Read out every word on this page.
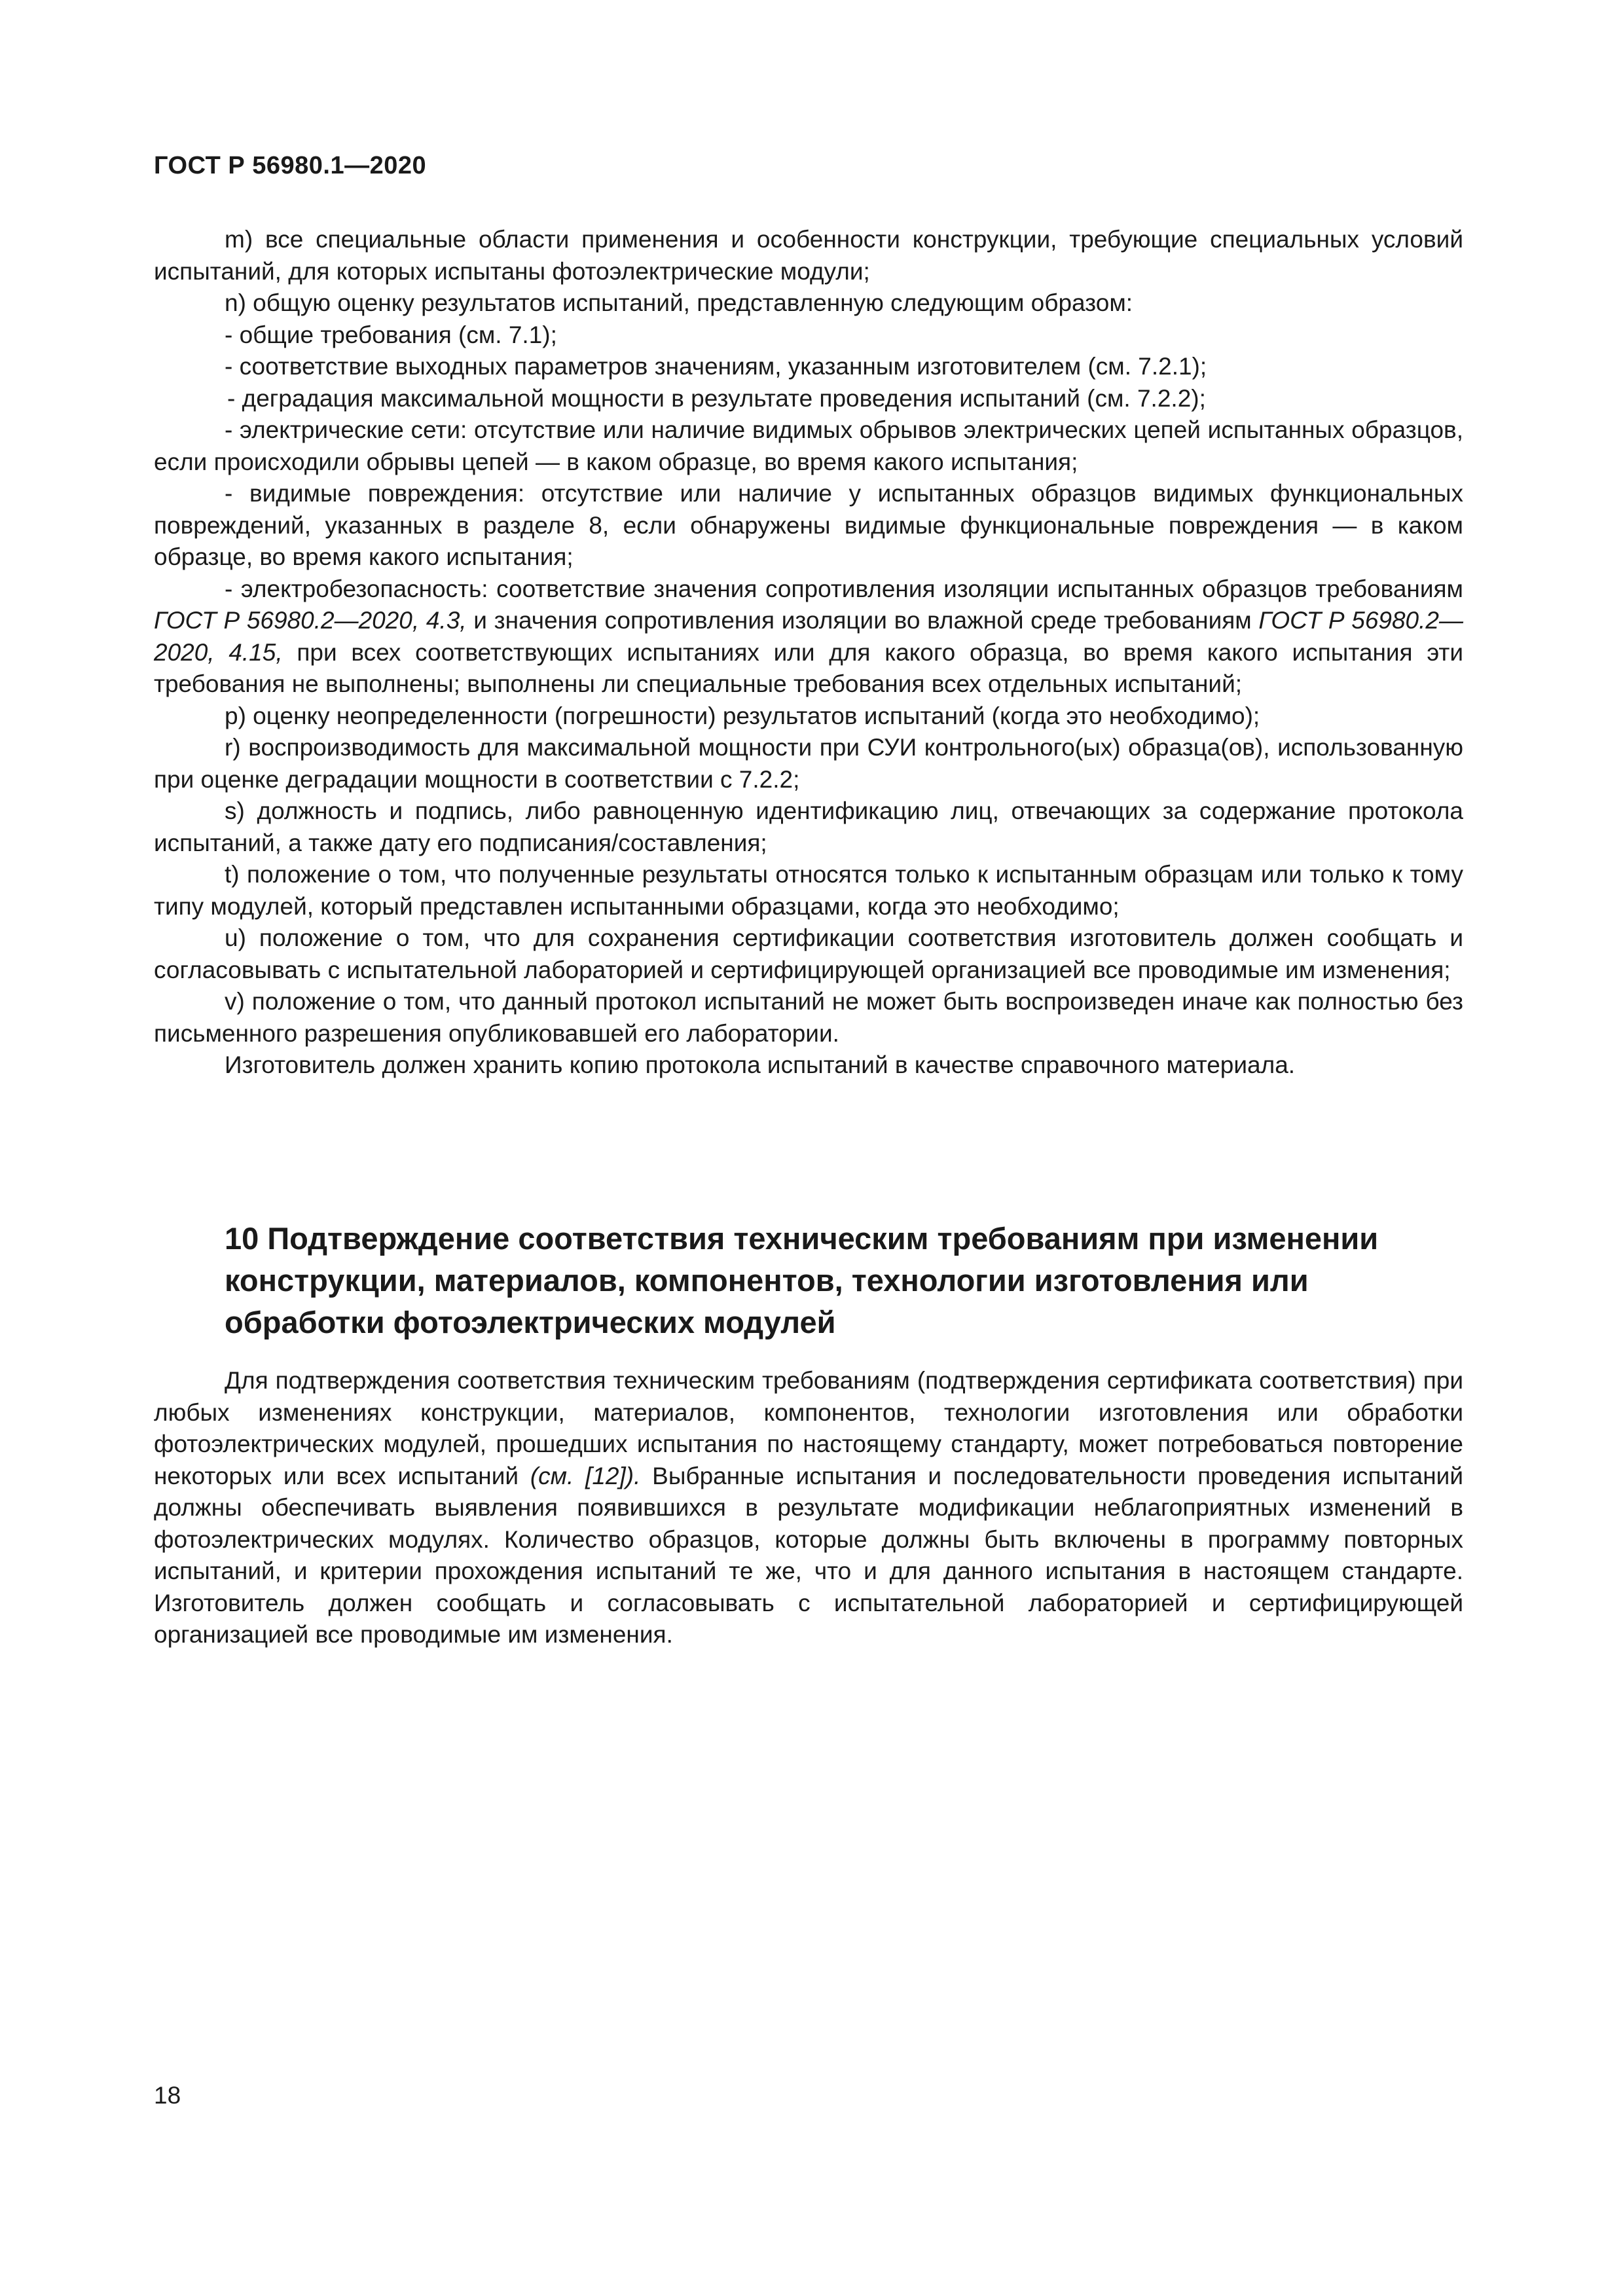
ГОСТ Р 56980.1—2020

m) все специальные области применения и особенности конструкции, требующие специальных условий испытаний, для которых испытаны фотоэлектрические модули;

n) общую оценку результатов испытаний, представленную следующим образом:

- общие требования (см. 7.1);

- соответствие выходных параметров значениям, указанным изготовителем (см. 7.2.1);

- деградация максимальной мощности в результате проведения испытаний (см. 7.2.2);

- электрические сети: отсутствие или наличие видимых обрывов электрических цепей испытанных образцов, если происходили обрывы цепей — в каком образце, во время какого испытания;

- видимые повреждения: отсутствие или наличие у испытанных образцов видимых функциональных повреждений, указанных в разделе 8, если обнаружены видимые функциональные повреждения — в каком образце, во время какого испытания;

- электробезопасность: соответствие значения сопротивления изоляции испытанных образцов требованиям ГОСТ Р 56980.2—2020, 4.3, и значения сопротивления изоляции во влажной среде требованиям ГОСТ Р 56980.2—2020, 4.15, при всех соответствующих испытаниях или для какого образца, во время какого испытания эти требования не выполнены; выполнены ли специальные требования всех отдельных испытаний;

p) оценку неопределенности (погрешности) результатов испытаний (когда это необходимо);

r) воспроизводимость для максимальной мощности при СУИ контрольного(ых) образца(ов), использованную при оценке деградации мощности в соответствии с 7.2.2;

s) должность и подпись, либо равноценную идентификацию лиц, отвечающих за содержание протокола испытаний, а также дату его подписания/составления;

t) положение о том, что полученные результаты относятся только к испытанным образцам или только к тому типу модулей, который представлен испытанными образцами, когда это необходимо;

u) положение о том, что для сохранения сертификации соответствия изготовитель должен сообщать и согласовывать с испытательной лабораторией и сертифицирующей организацией все проводимые им изменения;

v) положение о том, что данный протокол испытаний не может быть воспроизведен иначе как полностью без письменного разрешения опубликовавшей его лаборатории.

Изготовитель должен хранить копию протокола испытаний в качестве справочного материала.

10 Подтверждение соответствия техническим требованиям при изменении конструкции, материалов, компонентов, технологии изготовления или обработки фотоэлектрических модулей

Для подтверждения соответствия техническим требованиям (подтверждения сертификата соответствия) при любых изменениях конструкции, материалов, компонентов, технологии изготовления или обработки фотоэлектрических модулей, прошедших испытания по настоящему стандарту, может потребоваться повторение некоторых или всех испытаний (см. [12]). Выбранные испытания и последовательности проведения испытаний должны обеспечивать выявления появившихся в результате модификации неблагоприятных изменений в фотоэлектрических модулях. Количество образцов, которые должны быть включены в программу повторных испытаний, и критерии прохождения испытаний те же, что и для данного испытания в настоящем стандарте. Изготовитель должен сообщать и согласовывать с испытательной лабораторией и сертифицирующей организацией все проводимые им изменения.

18
